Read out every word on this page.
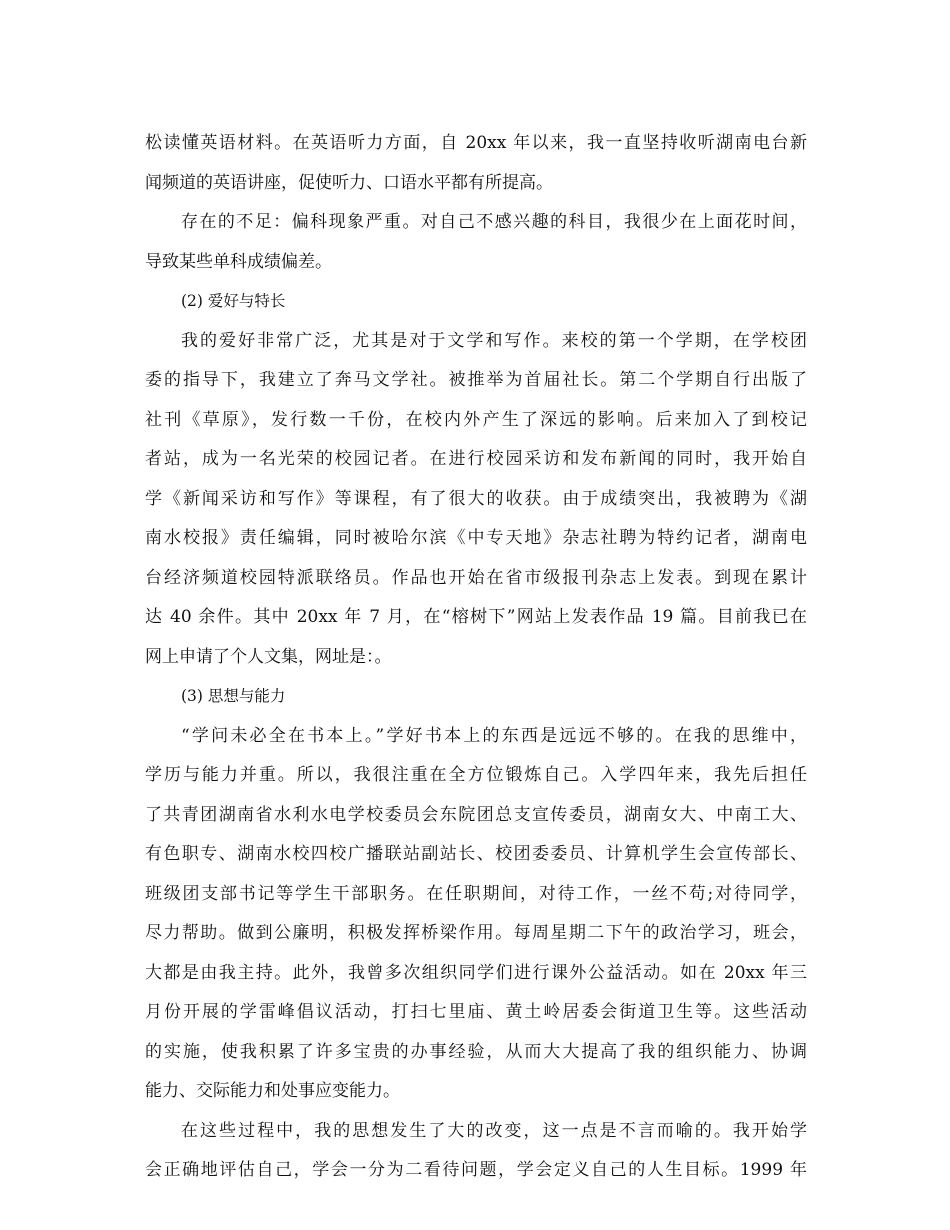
松读懂英语材料。在英语听力方面，自 20xx 年以来，我一直坚持收听湖南电台新
闻频道的英语讲座，促使听力、口语水平都有所提高。
存在的不足：偏科现象严重。对自己不感兴趣的科目，我很少在上面花时间，
导致某些单科成绩偏差。
(2) 爱好与特长
我的爱好非常广泛，尤其是对于文学和写作。来校的第一个学期，在学校团
委的指导下，我建立了奔马文学社。被推举为首届社长。第二个学期自行出版了
社刊《草原》，发行数一千份，在校内外产生了深远的影响。后来加入了到校记
者站，成为一名光荣的校园记者。在进行校园采访和发布新闻的同时，我开始自
学《新闻采访和写作》等课程，有了很大的收获。由于成绩突出，我被聘为《湖
南水校报》责任编辑，同时被哈尔滨《中专天地》杂志社聘为特约记者，湖南电
台经济频道校园特派联络员。作品也开始在省市级报刊杂志上发表。到现在累计
达 40 余件。其中 20xx 年 7 月，在“榕树下”网站上发表作品 19 篇。目前我已在
网上申请了个人文集，网址是：。
(3) 思想与能力
“学问未必全在书本上。”学好书本上的东西是远远不够的。在我的思维中，
学历与能力并重。所以，我很注重在全方位锻炼自己。入学四年来，我先后担任
了共青团湖南省水利水电学校委员会东院团总支宣传委员，湖南女大、中南工大、
有色职专、湖南水校四校广播联站副站长、校团委委员、计算机学生会宣传部长、
班级团支部书记等学生干部职务。在任职期间，对待工作，一丝不苟;对待同学，
尽力帮助。做到公廉明，积极发挥桥梁作用。每周星期二下午的政治学习，班会，
大都是由我主持。此外，我曾多次组织同学们进行课外公益活动。如在 20xx 年三
月份开展的学雷峰倡议活动，打扫七里庙、黄土岭居委会街道卫生等。这些活动
的实施，使我积累了许多宝贵的办事经验，从而大大提高了我的组织能力、协调
能力、交际能力和处事应变能力。
在这些过程中，我的思想发生了大的改变，这一点是不言而喻的。我开始学
会正确地评估自己，学会一分为二看待问题，学会定义自己的人生目标。1999 年
